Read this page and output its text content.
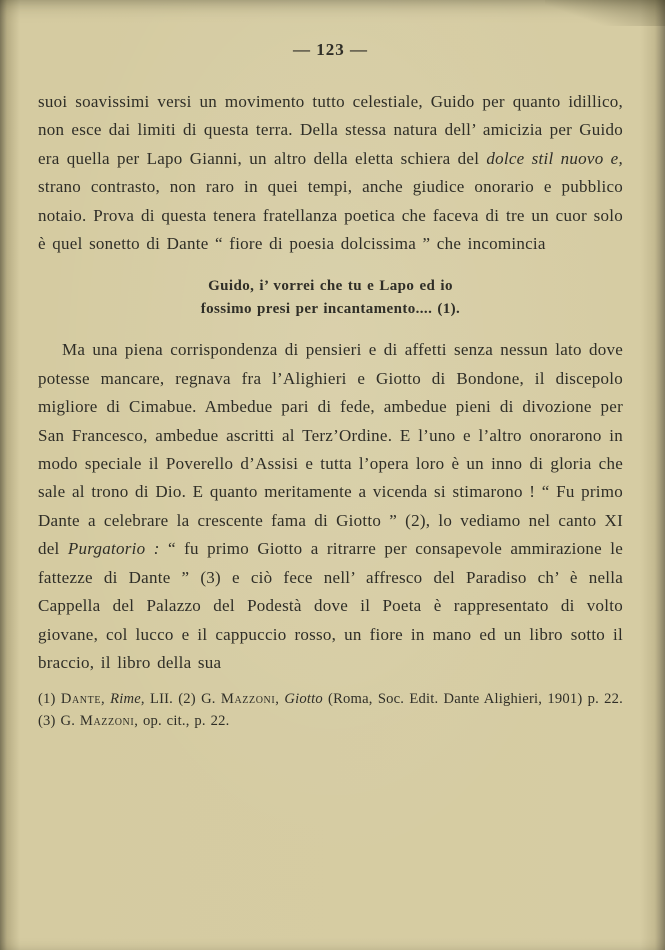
— 123 —

suoi soavissimi versi un movimento tutto celestiale, Guido per quanto idillico, non esce dai limiti di questa terra. Della stessa natura dell’ amicizia per Guido era quella per Lapo Gianni, un altro della eletta schiera del dolce stil nuovo e, strano contrasto, non raro in quei tempi, anche giudice onorario e pubblico notaio. Prova di questa tenera fratellanza poetica che faceva di tre un cuor solo è quel sonetto di Dante “ fiore di poesia dolcissima ” che incomincia

Guido, i’ vorrei che tu e Lapo ed io
fossimo presi per incantamento.... (1).

Ma una piena corrispondenza di pensieri e di affetti senza nessun lato dove potesse mancare, regnava fra l’Alighieri e Giotto di Bondone, il discepolo migliore di Cimabue. Ambedue pari di fede, ambedue pieni di divozione per San Francesco, ambedue ascritti al Terz’Ordine. E l’uno e l’altro onorarono in modo speciale il Poverello d’Assisi e tutta l’opera loro è un inno di gloria che sale al trono di Dio. E quanto meritamente a vicenda si stimarono ! “ Fu primo Dante a celebrare la crescente fama di Giotto ” (2), lo vediamo nel canto XI del Purgatorio : “ fu primo Giotto a ritrarre per consapevole ammirazione le fattezze di Dante ” (3) e ciò fece nell’ affresco del Paradiso ch’ è nella Cappella del Palazzo del Podestà dove il Poeta è rappresentato di volto giovane, col lucco e il cappuccio rosso, un fiore in mano ed un libro sotto il braccio, il libro della sua

(1) Dante, Rime, LII. (2) G. Mazzoni, Giotto (Roma, Soc. Edit. Dante Alighieri, 1901) p. 22. (3) G. Mazzoni, op. cit., p. 22.
